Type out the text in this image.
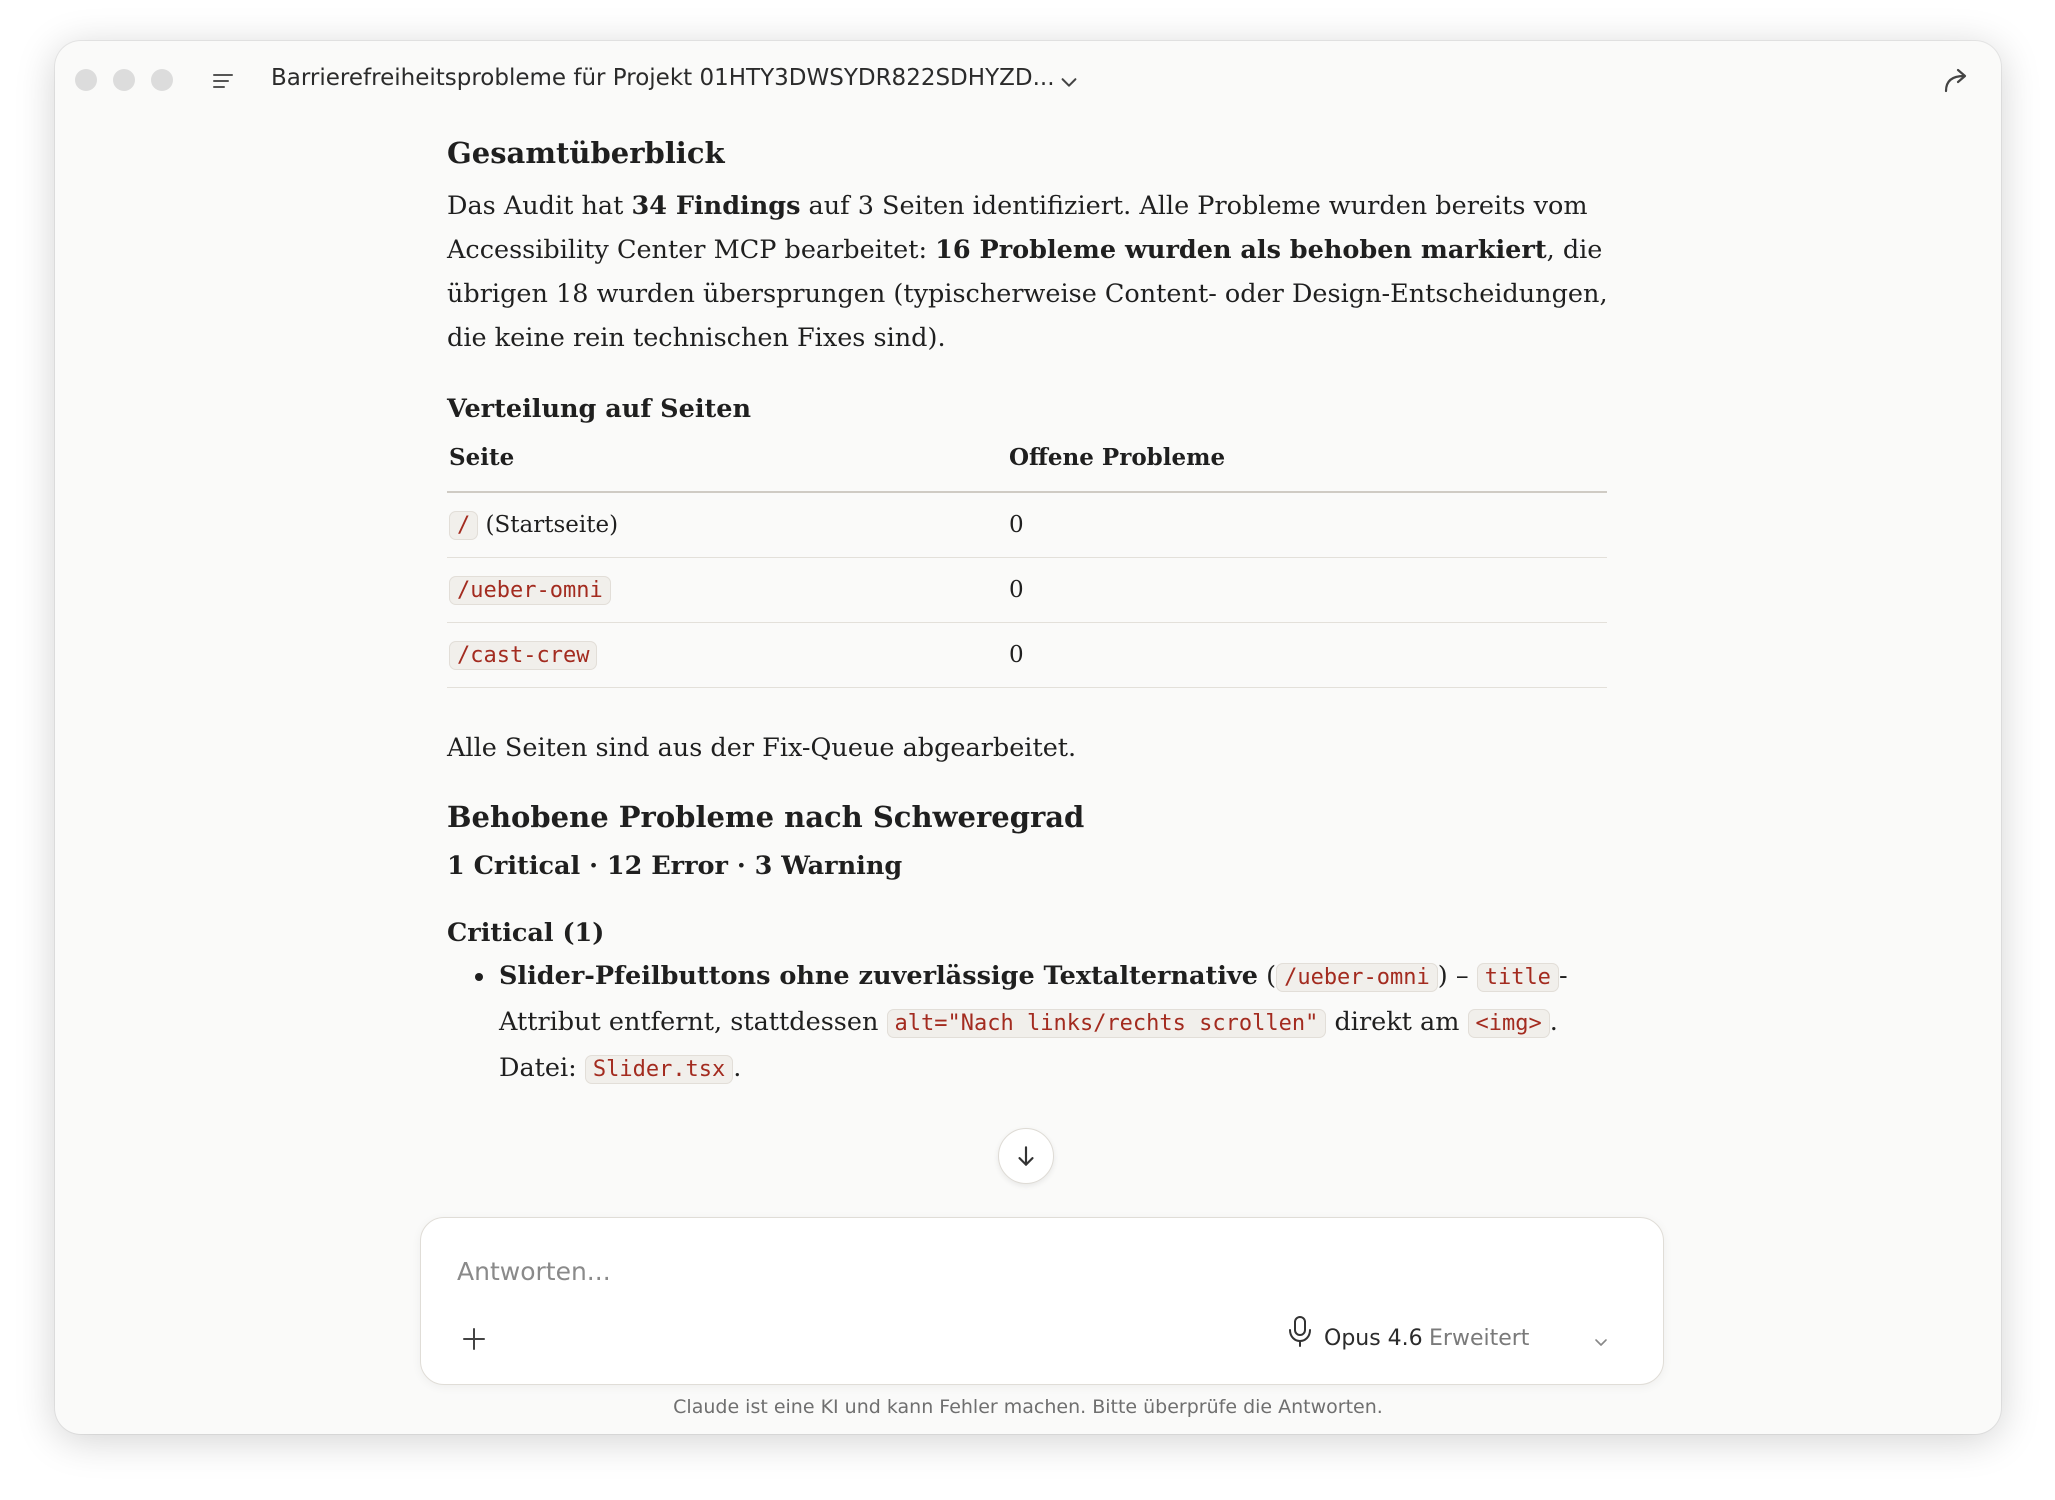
Barrierefreiheitsprobleme für Projekt 01HTY3DWSYDR822SDHYZD...
Gesamtüberblick

Das Audit hat 34 Findings auf 3 Seiten identifiziert. Alle Probleme wurden bereits vom Accessibility Center MCP bearbeitet: 16 Probleme wurden als behoben markiert, die übrigen 18 wurden übersprungen (typischerweise Content- oder Design-Entscheidungen, die keine rein technischen Fixes sind).

Verteilung auf Seiten
Seite	Offene Probleme
/ (Startseite)	0
/ueber-omni	0
/cast-crew	0

Alle Seiten sind aus der Fix-Queue abgearbeitet.

Behobene Probleme nach Schweregrad

1 Critical · 12 Error · 3 Warning

Critical (1)
• Slider-Pfeilbuttons ohne zuverlässige Textalternative ( /ueber-omni ) – title -Attribut entfernt, stattdessen alt="Nach links/rechts scrollen" direkt am <img> . Datei: Slider.tsx .
Antworten...
Opus 4.6 Erweitert
Claude ist eine KI und kann Fehler machen. Bitte überprüfe die Antworten.
